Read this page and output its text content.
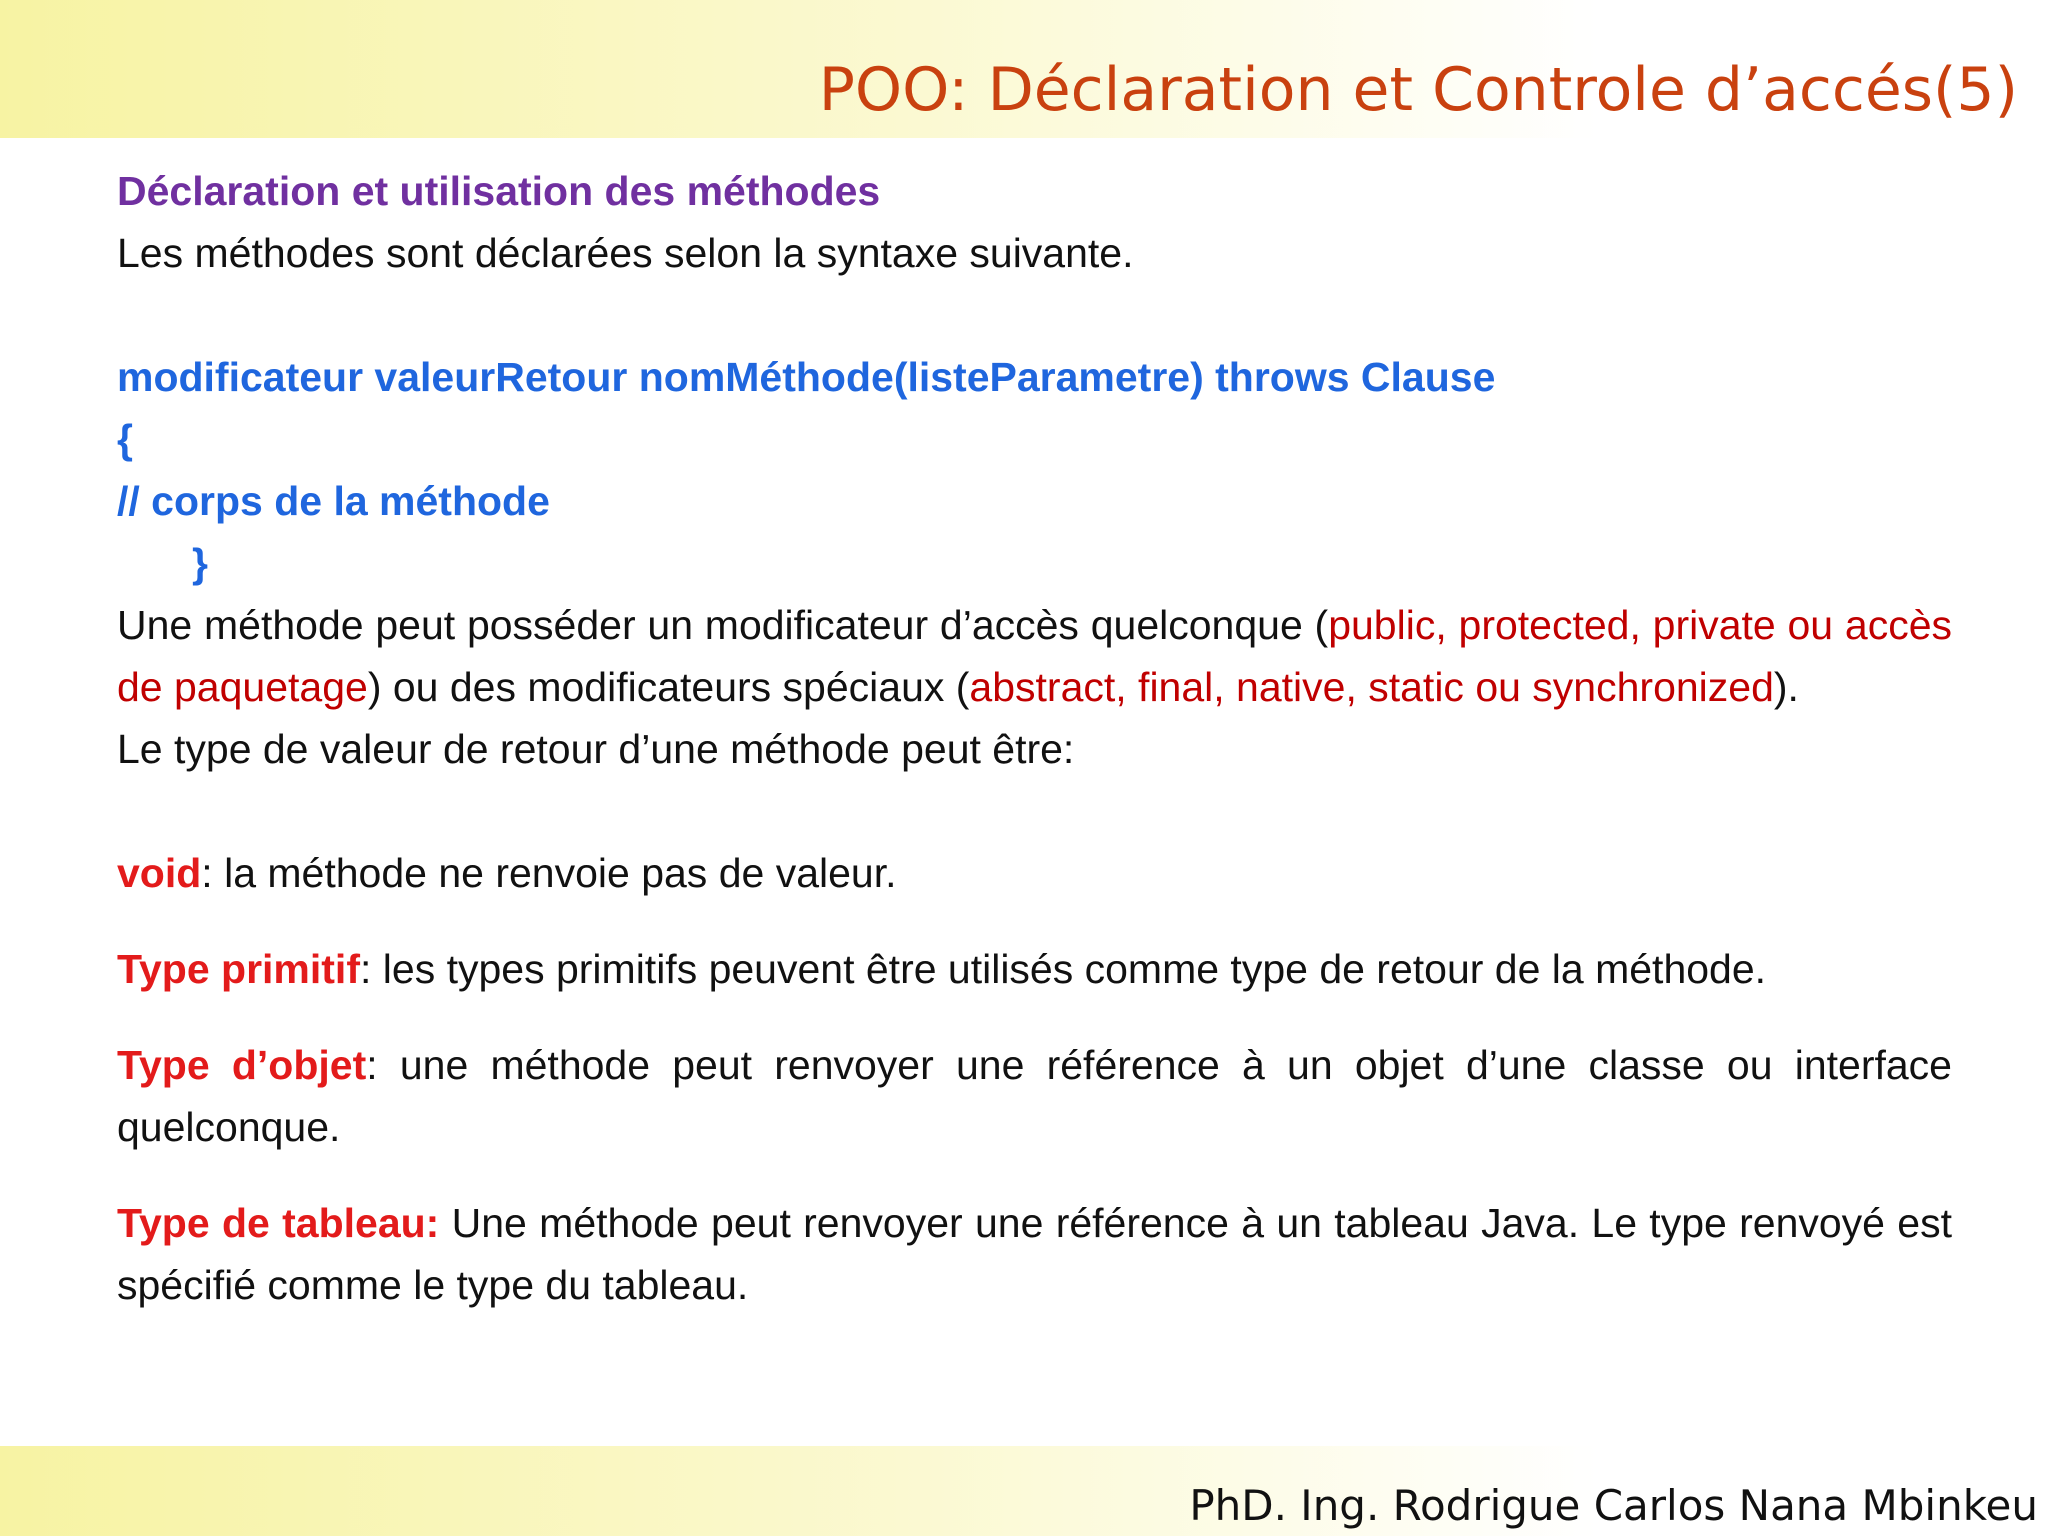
POO: Déclaration et Controle d’accés(5)

Déclaration et utilisation des méthodes

Les méthodes sont déclarées selon la syntaxe suivante.

modificateur valeurRetour nomMéthode(listeParametre) throws Clause

{

// corps de la méthode

}

Une méthode peut posséder un modificateur d’accès quelconque (public, protected, private ou accès de paquetage) ou des modificateurs spéciaux (abstract, final, native, static ou synchronized).

Le type de valeur de retour d’une méthode peut être:

void: la méthode ne renvoie pas de valeur.

Type primitif: les types primitifs peuvent être utilisés comme type de retour de la méthode.

Type d’objet: une méthode peut renvoyer une référence à un objet d’une classe ou interface quelconque.

Type de tableau: Une méthode peut renvoyer une référence à un tableau Java. Le type renvoyé est spécifié comme le type du tableau.

PhD. Ing. Rodrigue Carlos Nana Mbinkeu
